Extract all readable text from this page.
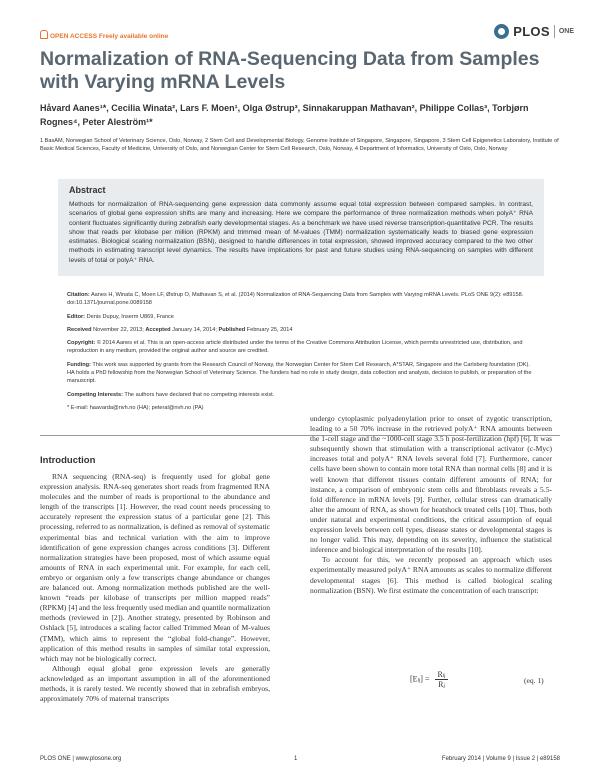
OPEN ACCESS Freely available online	PLOS ONE
Normalization of RNA-Sequencing Data from Samples with Varying mRNA Levels
Håvard Aanes¹*, Cecilia Winata², Lars F. Moen¹, Olga Østrup³, Sinnakaruppan Mathavan², Philippe Collas³, Torbjørn Rognes⁴, Peter Aleström¹*
1 BasAM, Norwegian School of Veterinary Science, Oslo, Norway, 2 Stem Cell and Developmental Biology, Genome Institute of Singapore, Singapore, Singapore, 3 Stem Cell Epigenetics Laboratory, Institute of Basic Medical Sciences, Faculty of Medicine, University of Oslo, and Norwegian Center for Stem Cell Research, Oslo, Norway, 4 Department of Informatics, University of Oslo, Oslo, Norway
Abstract
Methods for normalization of RNA-sequencing gene expression data commonly assume equal total expression between compared samples. In contrast, scenarios of global gene expression shifts are many and increasing. Here we compare the performance of three normalization methods when polyA⁺ RNA content fluctuates significantly during zebrafish early developmental stages. As a benchmark we have used reverse transcription-quantitative PCR. The results show that reads per kilobase per million (RPKM) and trimmed mean of M-values (TMM) normalization systematically leads to biased gene expression estimates. Biological scaling normalization (BSN), designed to handle differences in total expression, showed improved accuracy compared to the two other methods in estimating transcript level dynamics. The results have implications for past and future studies using RNA-sequencing on samples with different levels of total or polyA⁺ RNA.

Citation: Aanes H, Winata C, Moen LF, Østrup O, Mathavan S, et al. (2014) Normalization of RNA-Sequencing Data from Samples with Varying mRNA Levels. PLoS ONE 9(2): e89158. doi:10.1371/journal.pone.0089158

Editor: Denis Dupuy, Inserm U869, France

Received November 22, 2013; Accepted January 14, 2014; Published February 25, 2014

Copyright: © 2014 Aanes et al. This is an open-access article distributed under the terms of the Creative Commons Attribution License, which permits unrestricted use, distribution, and reproduction in any medium, provided the original author and source are credited.

Funding: This work was supported by grants from the Research Council of Norway, the Norwegian Center for Stem Cell Research, A*STAR, Singapore and the Carlsberg foundation (DK). HA holds a PhD fellowship from the Norwegian School of Veterinary Science. The funders had no role in study design, data collection and analysis, decision to publish, or preparation of the manuscript.

Competing Interests: The authors have declared that no competing interests exist.

* E-mail: haavarda@nvh.no (HA); peteral@nvh.no (PA)

Introduction

RNA sequencing (RNA-seq) is frequently used for global gene expression analysis. RNA-seq generates short reads from fragmented RNA molecules and the number of reads is proportional to the abundance and length of the transcripts [1]. However, the read count needs processing to accurately represent the expression status of a particular gene [2]. This processing, referred to as normalization, is defined as removal of systematic experimental bias and technical variation with the aim to improve identification of gene expression changes across conditions [3]. Different normalization strategies have been proposed, most of which assume equal amounts of RNA in each experimental unit. For example, for each cell, embryo or organism only a few transcripts change abundance or changes are balanced out. Among normalization methods published are the well-known “reads per kilobase of transcripts per million mapped reads” (RPKM) [4] and the less frequently used median and quantile normalization methods (reviewed in [2]). Another strategy, presented by Robinson and Oshlack [5], introduces a scaling factor called Trimmed Mean of M-values (TMM), which aims to represent the “global fold-change”. However, application of this method results in samples of similar total expression, which may not be biologically correct.

Although equal global gene expression levels are generally acknowledged as an important assumption in all of the aforementioned methods, it is rarely tested. We recently showed that in zebrafish embryos, approximately 70% of maternal transcripts

undergo cytoplasmic polyadenylation prior to onset of zygotic transcription, leading to a 50 70% increase in the retrieved polyA⁺ RNA amounts between the 1-cell stage and the ~1000-cell stage 3.5 h post-fertilization (hpf) [6]. It was subsequently shown that stimulation with a transcriptional activator (c-Myc) increases total and polyA⁺ RNA levels several fold [7]. Furthermore, cancer cells have been shown to contain more total RNA than normal cells [8] and it is well known that different tissues contain different amounts of RNA; for instance, a comparison of embryonic stem cells and fibroblasts reveals a 5.5-fold difference in mRNA levels [9]. Further, cellular stress can dramatically alter the amount of RNA, as shown for heatshock treated cells [10]. Thus, both under natural and experimental conditions, the critical assumption of equal expression levels between cell types, disease states or developmental stages is no longer valid. This may, depending on its severity, influence the statistical inference and biological interpretation of the results [10].

To account for this, we recently proposed an approach which uses experimentally measured polyA⁺ RNA amounts as scales to normalize different developmental stages [6]. This method is called biological scaling normalization (BSN). We first estimate the concentration of each transcript:

[Eₗⱼ] = $\frac{\text{Rₗⱼ}}{\text{Rⱼ}}$	(eq. 1)
PLOS ONE | www.plosone.org	1	February 2014 | Volume 9 | Issue 2 | e89158
